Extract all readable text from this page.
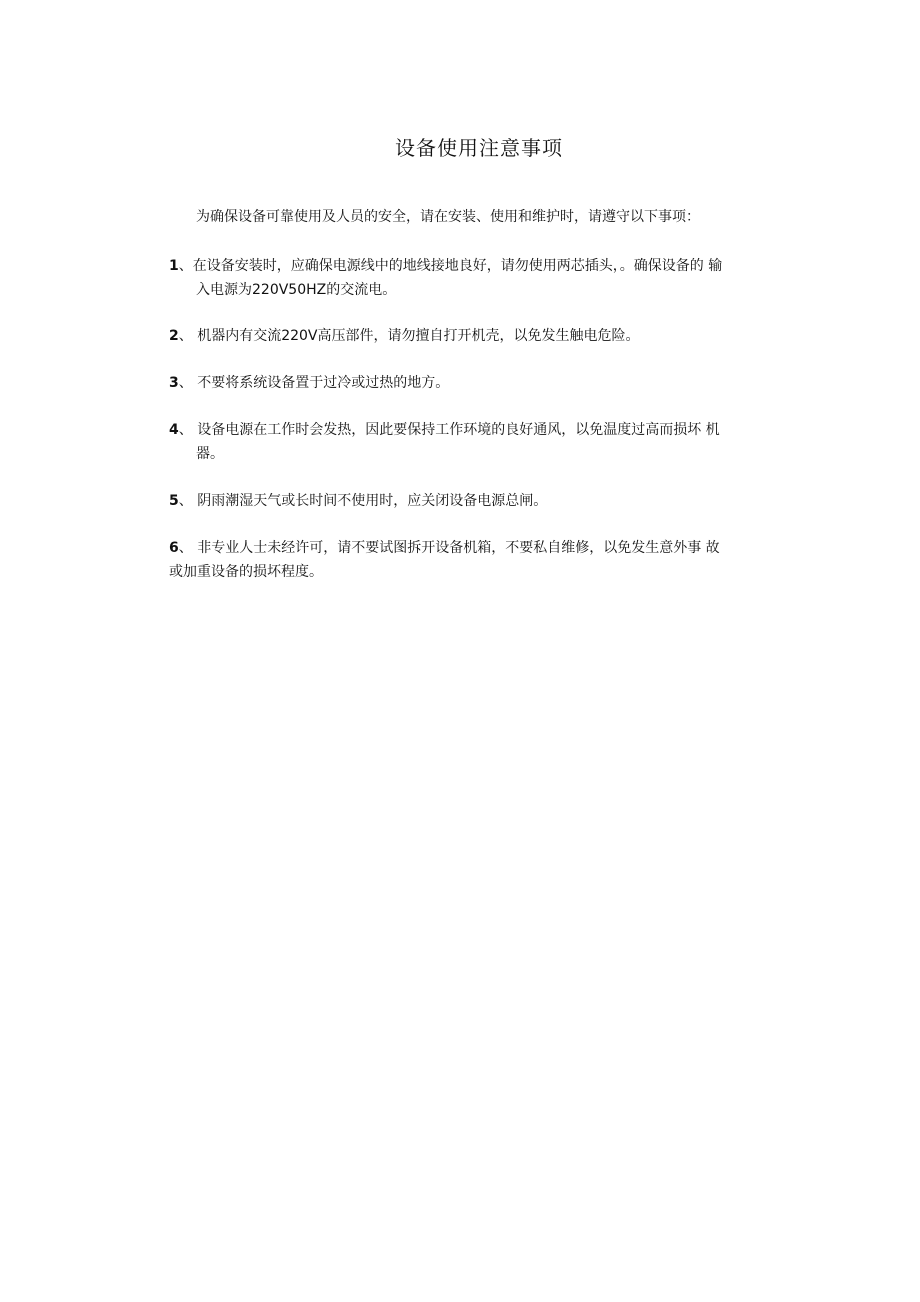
设备使用注意事项

为确保设备可靠使用及人员的安全，请在安装、使用和维护时，请遵守以下事项：

1、在设备安装时，应确保电源线中的地线接地良好，请勿使用两芯插头，。确保设备的 输
入电源为220V50HZ的交流电。
2、 机器内有交流220V高压部件，请勿擅自打开机壳，以免发生触电危险。
3、 不要将系统设备置于过冷或过热的地方。
4、 设备电源在工作时会发热，因此要保持工作环境的良好通风，以免温度过高而损坏 机
器。
5、 阴雨潮湿天气或长时间不使用时，应关闭设备电源总闸。
6、 非专业人士未经许可，请不要试图拆开设备机箱，不要私自维修，以免发生意外事 故
或加重设备的损坏程度。
